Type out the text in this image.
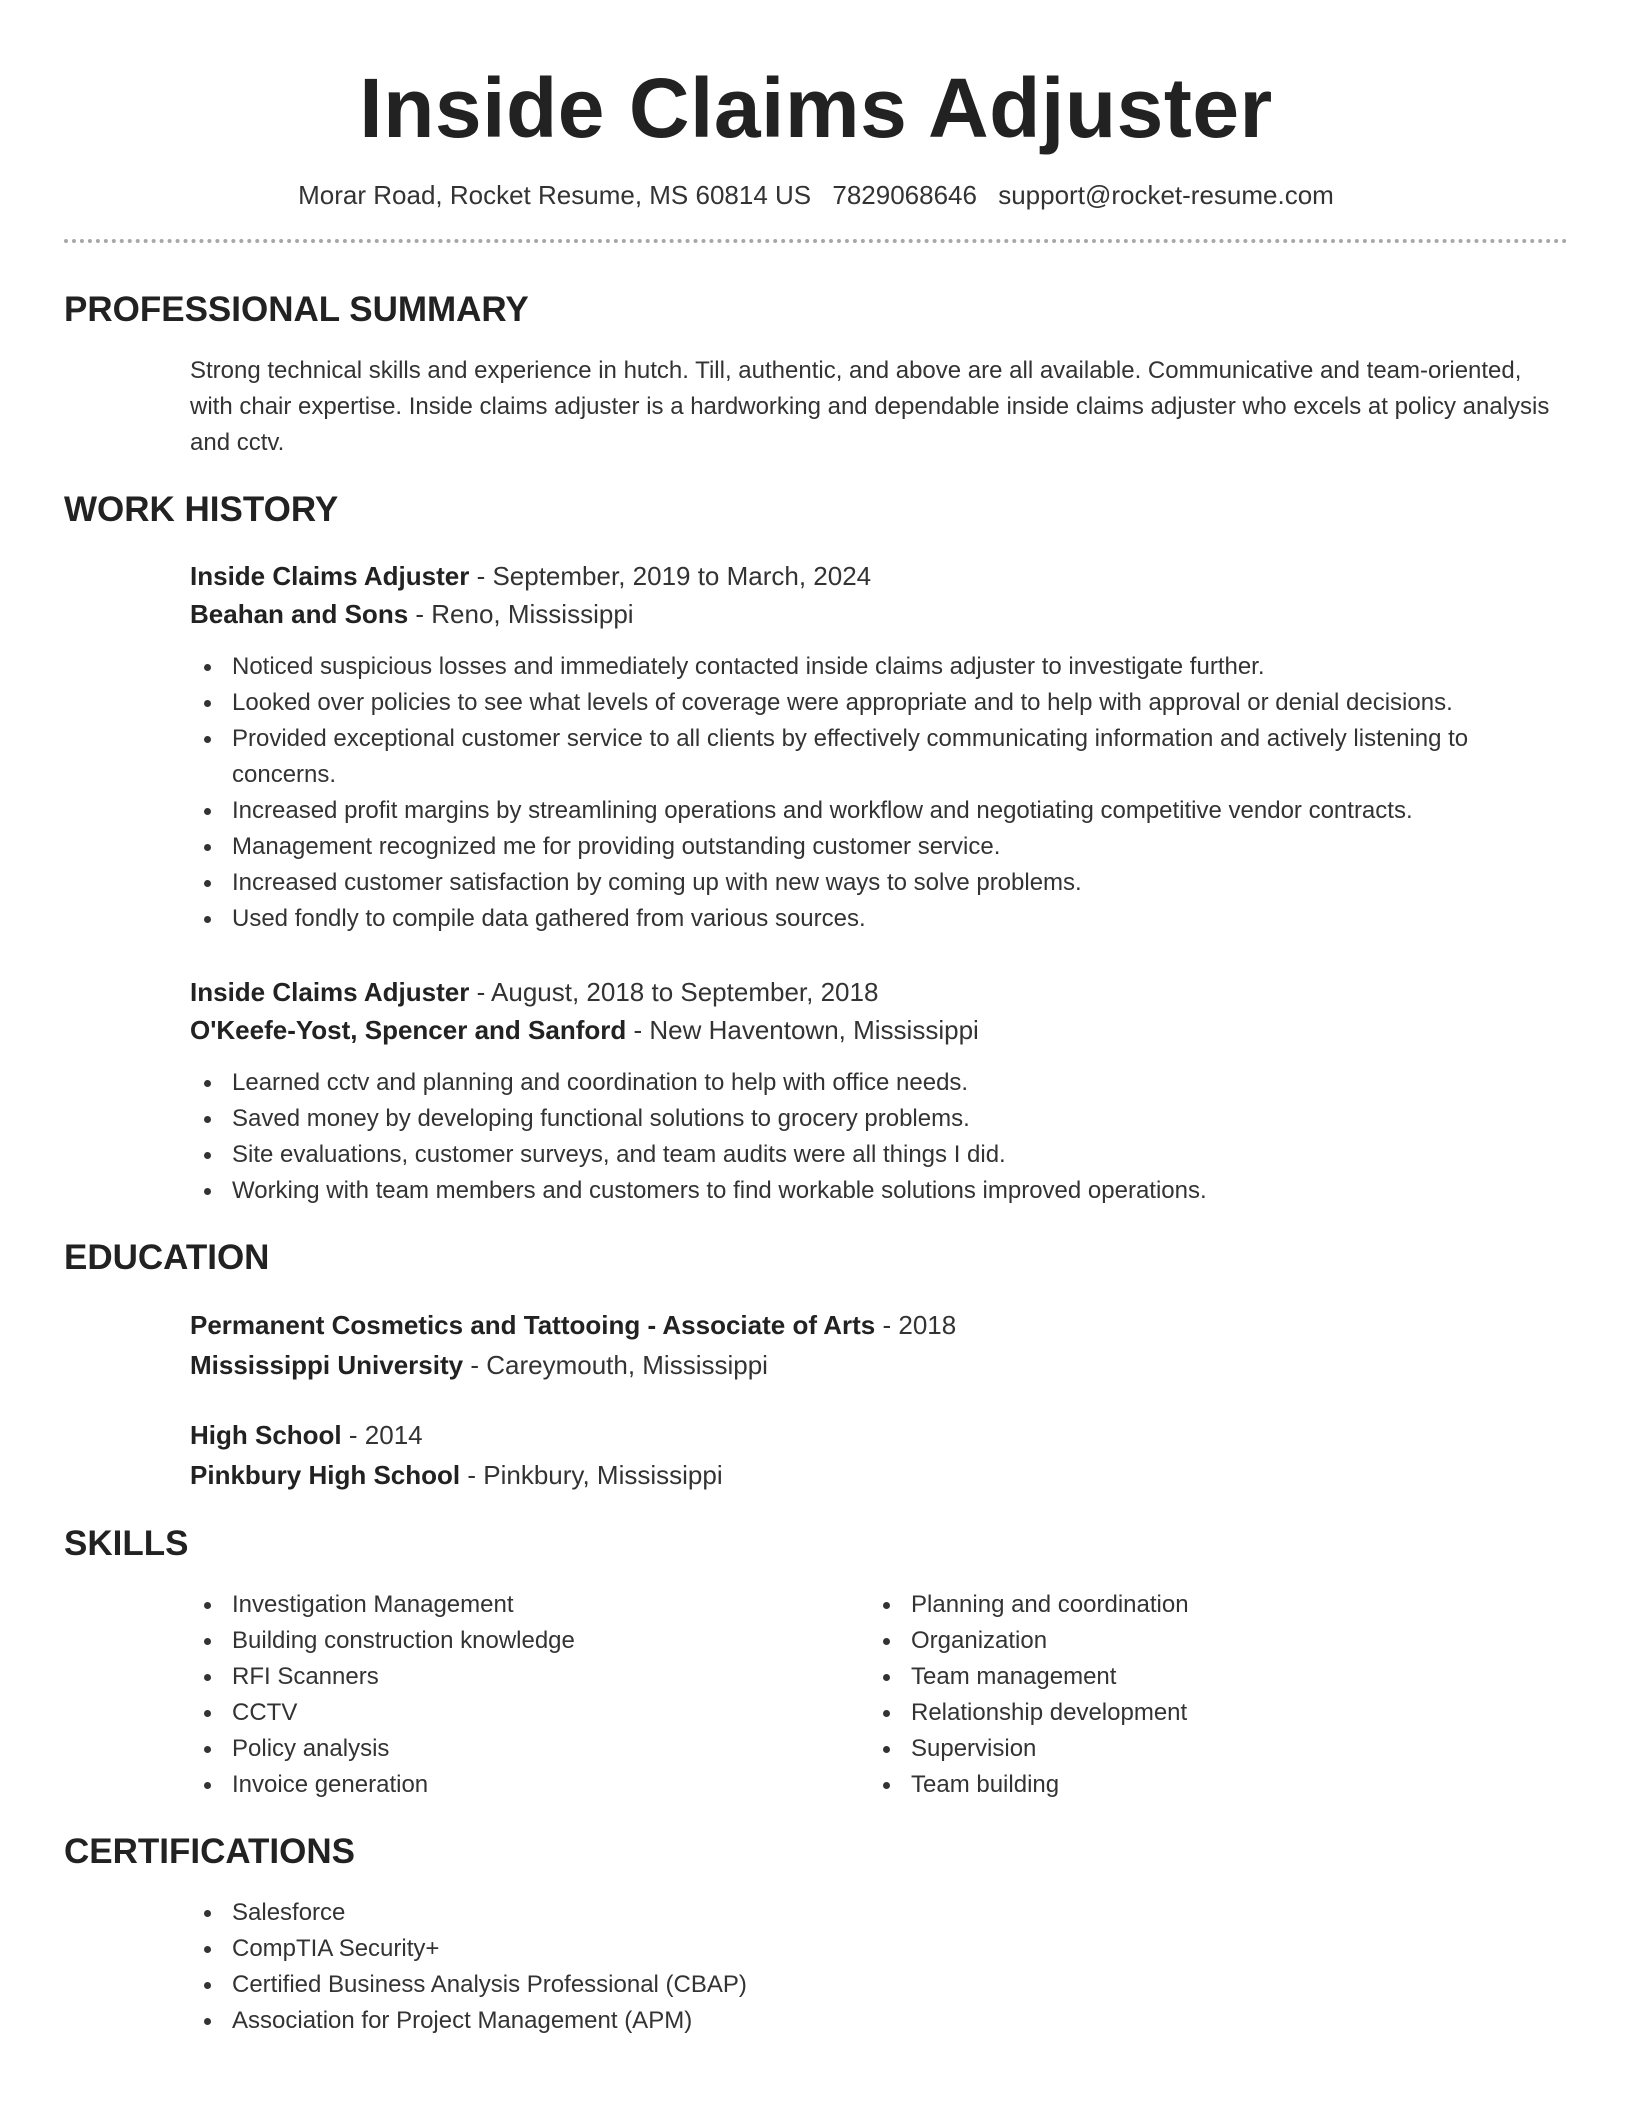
Inside Claims Adjuster
Morar Road, Rocket Resume, MS 60814 US 7829068646 support@rocket-resume.com
PROFESSIONAL SUMMARY

Strong technical skills and experience in hutch. Till, authentic, and above are all available. Communicative and team-oriented, with chair expertise. Inside claims adjuster is a hardworking and dependable inside claims adjuster who excels at policy analysis and cctv.

WORK HISTORY
Inside Claims Adjuster - September, 2019 to March, 2024
Beahan and Sons - Reno, Mississippi
Noticed suspicious losses and immediately contacted inside claims adjuster to investigate further.
Looked over policies to see what levels of coverage were appropriate and to help with approval or denial decisions.
Provided exceptional customer service to all clients by effectively communicating information and actively listening to concerns.
Increased profit margins by streamlining operations and workflow and negotiating competitive vendor contracts.
Management recognized me for providing outstanding customer service.
Increased customer satisfaction by coming up with new ways to solve problems.
Used fondly to compile data gathered from various sources.
Inside Claims Adjuster - August, 2018 to September, 2018
O'Keefe-Yost, Spencer and Sanford - New Haventown, Mississippi
Learned cctv and planning and coordination to help with office needs.
Saved money by developing functional solutions to grocery problems.
Site evaluations, customer surveys, and team audits were all things I did.
Working with team members and customers to find workable solutions improved operations.
EDUCATION
Permanent Cosmetics and Tattooing - Associate of Arts - 2018
Mississippi University - Careymouth, Mississippi
High School - 2014
Pinkbury High School - Pinkbury, Mississippi
SKILLS
Investigation Management
Building construction knowledge
RFI Scanners
CCTV
Policy analysis
Invoice generation
Planning and coordination
Organization
Team management
Relationship development
Supervision
Team building
CERTIFICATIONS
Salesforce
CompTIA Security+
Certified Business Analysis Professional (CBAP)
Association for Project Management (APM)
